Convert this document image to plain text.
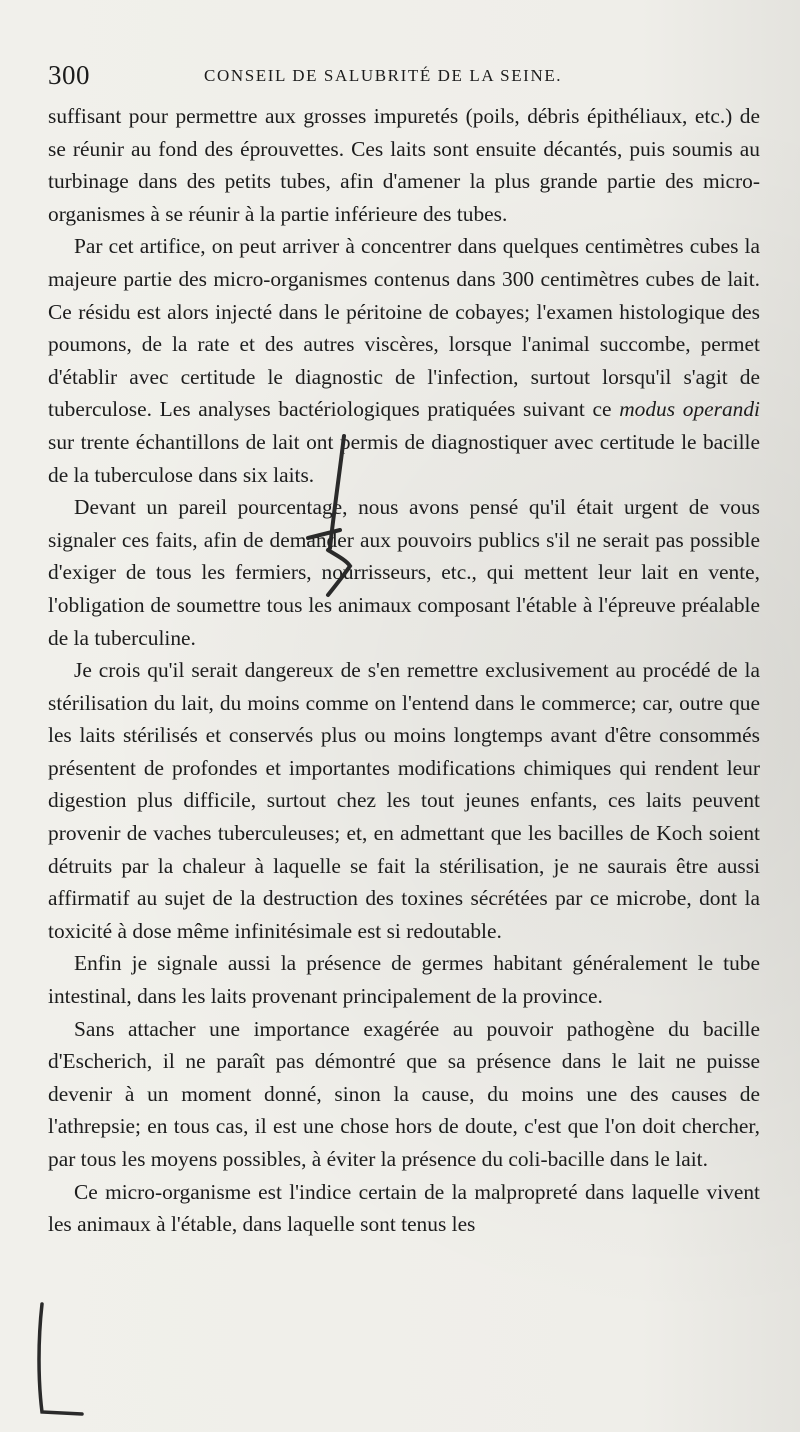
300	CONSEIL DE SALUBRITÉ DE LA SEINE.

suffisant pour permettre aux grosses impuretés (poils, débris épithéliaux, etc.) de se réunir au fond des éprouvettes. Ces laits sont ensuite décantés, puis soumis au turbinage dans des petits tubes, afin d'amener la plus grande partie des micro-organismes à se réunir à la partie inférieure des tubes.

Par cet artifice, on peut arriver à concentrer dans quelques centimètres cubes la majeure partie des micro-organismes contenus dans 300 centimètres cubes de lait. Ce résidu est alors injecté dans le péritoine de cobayes; l'examen histologique des poumons, de la rate et des autres viscères, lorsque l'animal succombe, permet d'établir avec certitude le diagnostic de l'infection, surtout lorsqu'il s'agit de tuberculose. Les analyses bactériologiques pratiquées suivant ce modus operandi sur trente échantillons de lait ont permis de diagnostiquer avec certitude le bacille de la tuberculose dans six laits.

Devant un pareil pourcentage, nous avons pensé qu'il était urgent de vous signaler ces faits, afin de demander aux pouvoirs publics s'il ne serait pas possible d'exiger de tous les fermiers, nourrisseurs, etc., qui mettent leur lait en vente, l'obligation de soumettre tous les animaux composant l'étable à l'épreuve préalable de la tuberculine.

Je crois qu'il serait dangereux de s'en remettre exclusivement au procédé de la stérilisation du lait, du moins comme on l'entend dans le commerce; car, outre que les laits stérilisés et conservés plus ou moins longtemps avant d'être consommés présentent de profondes et importantes modifications chimiques qui rendent leur digestion plus difficile, surtout chez les tout jeunes enfants, ces laits peuvent provenir de vaches tuberculeuses; et, en admettant que les bacilles de Koch soient détruits par la chaleur à laquelle se fait la stérilisation, je ne saurais être aussi affirmatif au sujet de la destruction des toxines sécrétées par ce microbe, dont la toxicité à dose même infinitésimale est si redoutable.

Enfin je signale aussi la présence de germes habitant généralement le tube intestinal, dans les laits provenant principalement de la province.

Sans attacher une importance exagérée au pouvoir pathogène du bacille d'Escherich, il ne paraît pas démontré que sa présence dans le lait ne puisse devenir à un moment donné, sinon la cause, du moins une des causes de l'athrepsie; en tous cas, il est une chose hors de doute, c'est que l'on doit chercher, par tous les moyens possibles, à éviter la présence du coli-bacille dans le lait.

Ce micro-organisme est l'indice certain de la malpropreté dans laquelle vivent les animaux à l'étable, dans laquelle sont tenus les
